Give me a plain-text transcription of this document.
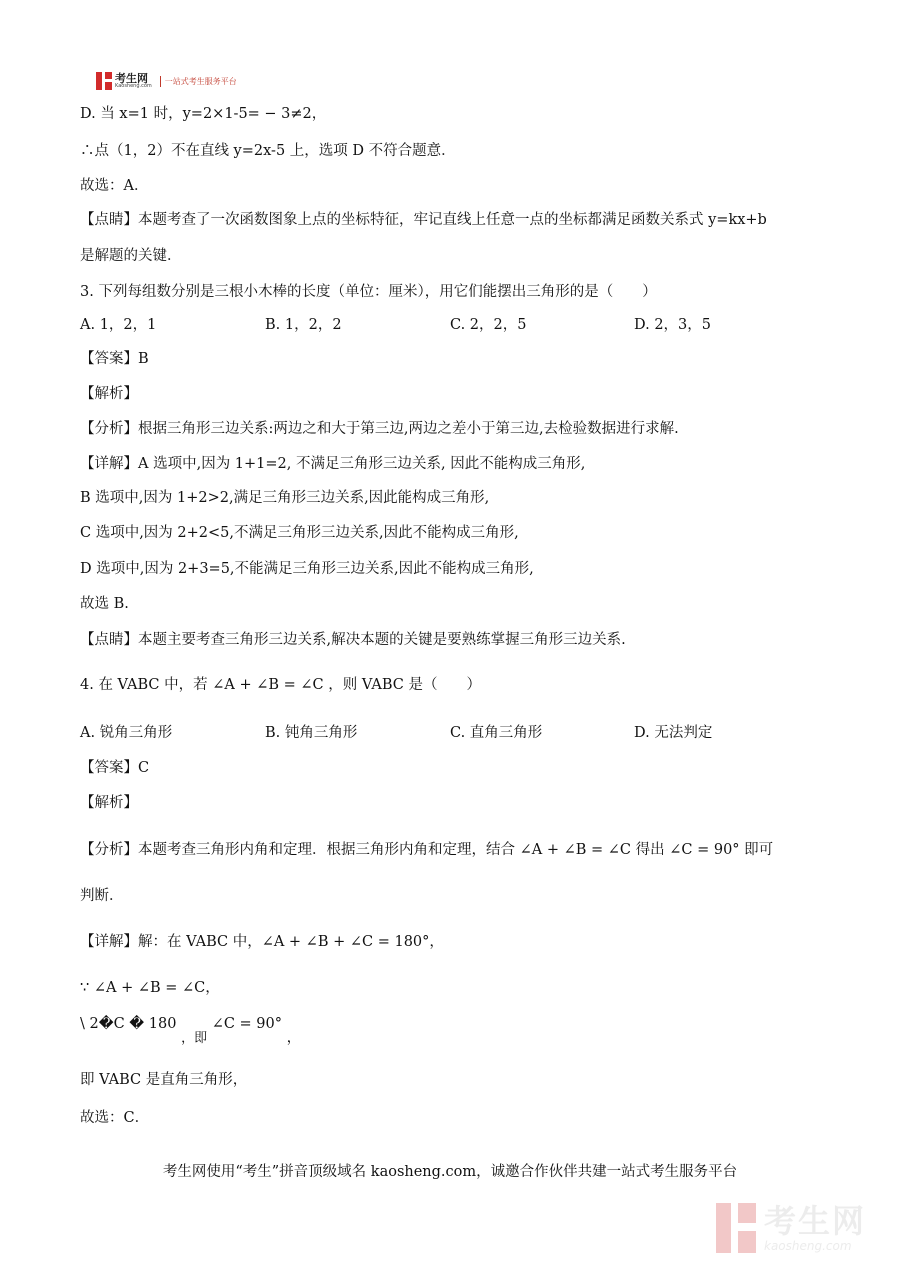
考生网
Kaosheng.com
一站式考生服务平台
D. 当 x=1 时，y=2×1-5= − 3≠2，
∴点（1，2）不在直线 y=2x-5 上，选项 D 不符合题意．
故选：A．
【点睛】本题考查了一次函数图象上点的坐标特征，牢记直线上任意一点的坐标都满足函数关系式 y=kx+b
是解题的关键．
3. 下列每组数分别是三根小木棒的长度（单位：厘米），用它们能摆出三角形的是（　　）
A. 1，2，1	B. 1，2，2	C. 2，2，5	D. 2，3，5
【答案】B
【解析】
【分析】根据三角形三边关系:两边之和大于第三边,两边之差小于第三边,去检验数据进行求解.
【详解】A 选项中,因为 1+1=2, 不满足三角形三边关系, 因此不能构成三角形,
B 选项中,因为 1+2>2,满足三角形三边关系,因此能构成三角形,
C 选项中,因为 2+2<5,不满足三角形三边关系,因此不能构成三角形,
D 选项中,因为 2+3=5,不能满足三角形三边关系,因此不能构成三角形,
故选 B.
【点睛】本题主要考查三角形三边关系,解决本题的关键是要熟练掌握三角形三边关系.
4. 在 VABC 中，若 ∠A + ∠B = ∠C ，则 VABC 是（　　）
A. 锐角三角形	B. 钝角三角形	C. 直角三角形	D. 无法判定
【答案】C
【解析】
【分析】本题考查三角形内角和定理．根据三角形内角和定理，结合 ∠A + ∠B = ∠C 得出 ∠C = 90° 即可
判断．
【详解】解：在 VABC 中，∠A + ∠B + ∠C = 180°，
∵ ∠A + ∠B = ∠C，
\ 2�C � 180 ，即 ∠C = 90° ，
即 VABC 是直角三角形，
故选：C．
考生网使用“考生”拼音顶级域名 kaosheng.com，诚邀合作伙伴共建一站式考生服务平台
考生网
kaosheng.com
